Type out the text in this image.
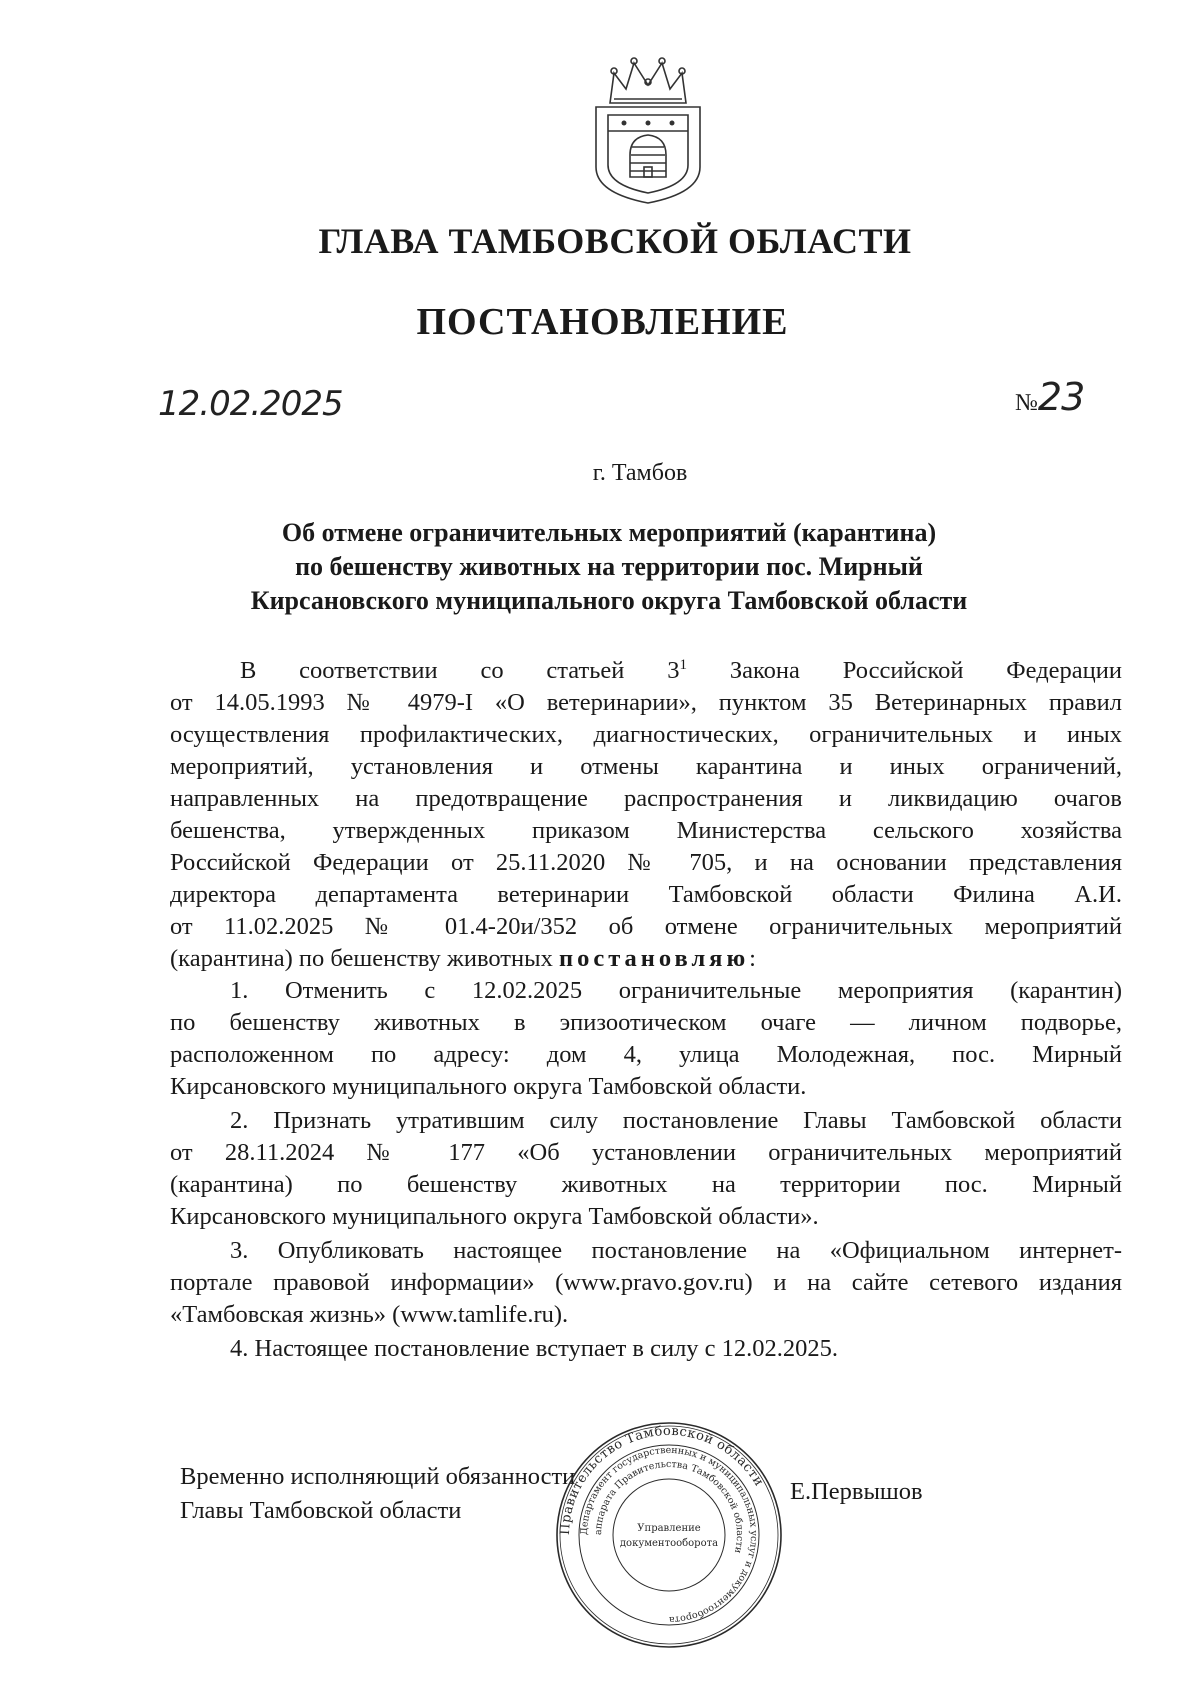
ГЛАВА ТАМБОВСКОЙ ОБЛАСТИ
ПОСТАНОВЛЕНИЕ
12.02.2025	№23
г. Тамбов
Об отмене ограничительных мероприятий (карантина)
по бешенству животных на территории пос. Мирный
Кирсановского муниципального округа Тамбовской области
В соответствии со статьей $3^1$ Закона Российской Федерации
от 14.05.1993 № 4979-I «О ветеринарии», пунктом 35 Ветеринарных правил
осуществления профилактических, диагностических, ограничительных и иных
мероприятий, установления и отмены карантина и иных ограничений,
направленных на предотвращение распространения и ликвидацию очагов
бешенства, утвержденных приказом Министерства сельского хозяйства
Российской Федерации от 25.11.2020 № 705, и на основании представления
директора департамента ветеринарии Тамбовской области Филина А.И.
от 11.02.2025 № 01.4-20и/352 об отмене ограничительных мероприятий
(карантина) по бешенству животных постановляю:
1. Отменить с 12.02.2025 ограничительные мероприятия (карантин)
по бешенству животных в эпизоотическом очаге — личном подворье,
расположенном по адресу: дом 4, улица Молодежная, пос. Мирный
Кирсановского муниципального округа Тамбовской области.
2. Признать утратившим силу постановление Главы Тамбовской области
от 28.11.2024 № 177 «Об установлении ограничительных мероприятий
(карантина) по бешенству животных на территории пос. Мирный
Кирсановского муниципального округа Тамбовской области».
3. Опубликовать настоящее постановление на «Официальном интернет-
портале правовой информации» (www.pravo.gov.ru) и на сайте сетевого издания
«Тамбовская жизнь» (www.tamlife.ru).
4. Настоящее постановление вступает в силу с 12.02.2025.
Временно исполняющий обязанности
Главы Тамбовской области
Е.Первышов
Правительство Тамбовской области
Департамент государственных и муниципальных услуг и документооборота
аппарата Правительства Тамбовской области
Управление
документооборота
